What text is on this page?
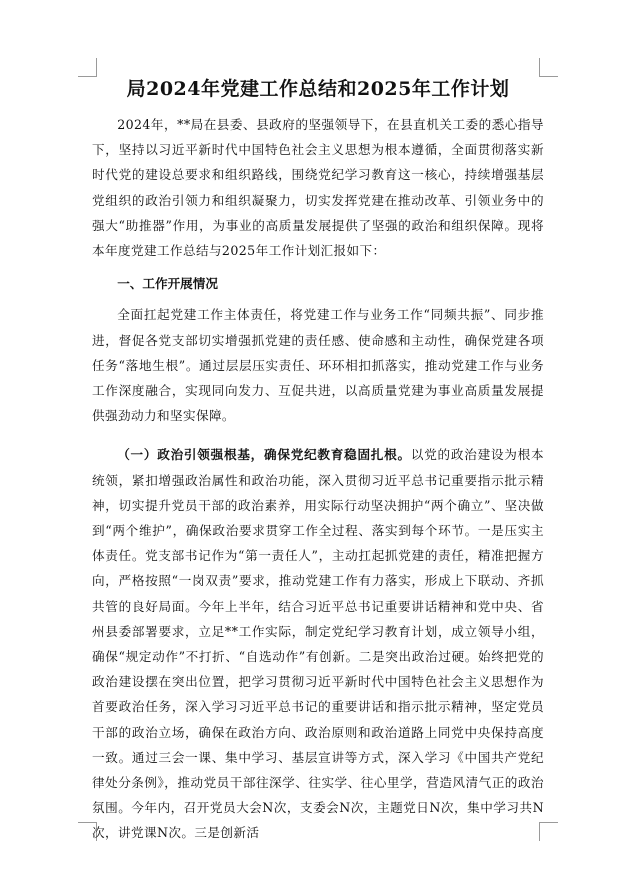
局2024年党建工作总结和2025年工作计划

2024年，**局在县委、县政府的坚强领导下，在县直机关工委的悉心指导下，坚持以习近平新时代中国特色社会主义思想为根本遵循，全面贯彻落实新时代党的建设总要求和组织路线，围绕党纪学习教育这一核心，持续增强基层党组织的政治引领力和组织凝聚力，切实发挥党建在推动改革、引领业务中的强大“助推器”作用，为事业的高质量发展提供了坚强的政治和组织保障。现将本年度党建工作总结与2025年工作计划汇报如下：

一、工作开展情况

全面扛起党建工作主体责任，将党建工作与业务工作“同频共振”、同步推进，督促各党支部切实增强抓党建的责任感、使命感和主动性，确保党建各项任务“落地生根”。通过层层压实责任、环环相扣抓落实，推动党建工作与业务工作深度融合，实现同向发力、互促共进，以高质量党建为事业高质量发展提供强劲动力和坚实保障。

（一）政治引领强根基，确保党纪教育稳固扎根。以党的政治建设为根本统领，紧扣增强政治属性和政治功能，深入贯彻习近平总书记重要指示批示精神，切实提升党员干部的政治素养，用实际行动坚决拥护“两个确立”、坚决做到“两个维护”，确保政治要求贯穿工作全过程、落实到每个环节。一是压实主体责任。党支部书记作为“第一责任人”，主动扛起抓党建的责任，精准把握方向，严格按照“一岗双责”要求，推动党建工作有力落实，形成上下联动、齐抓共管的良好局面。今年上半年，结合习近平总书记重要讲话精神和党中央、省州县委部署要求，立足**工作实际，制定党纪学习教育计划，成立领导小组，确保“规定动作”不打折、“自选动作”有创新。二是突出政治过硬。始终把党的政治建设摆在突出位置，把学习贯彻习近平新时代中国特色社会主义思想作为首要政治任务，深入学习习近平总书记的重要讲话和指示批示精神，坚定党员干部的政治立场，确保在政治方向、政治原则和政治道路上同党中央保持高度一致。通过三会一课、集中学习、基层宣讲等方式，深入学习《中国共产党纪律处分条例》，推动党员干部往深学、往实学、往心里学，营造风清气正的政治氛围。今年内，召开党员大会N次，支委会N次，主题党日N次，集中学习共N次，讲党课N次。三是创新活
